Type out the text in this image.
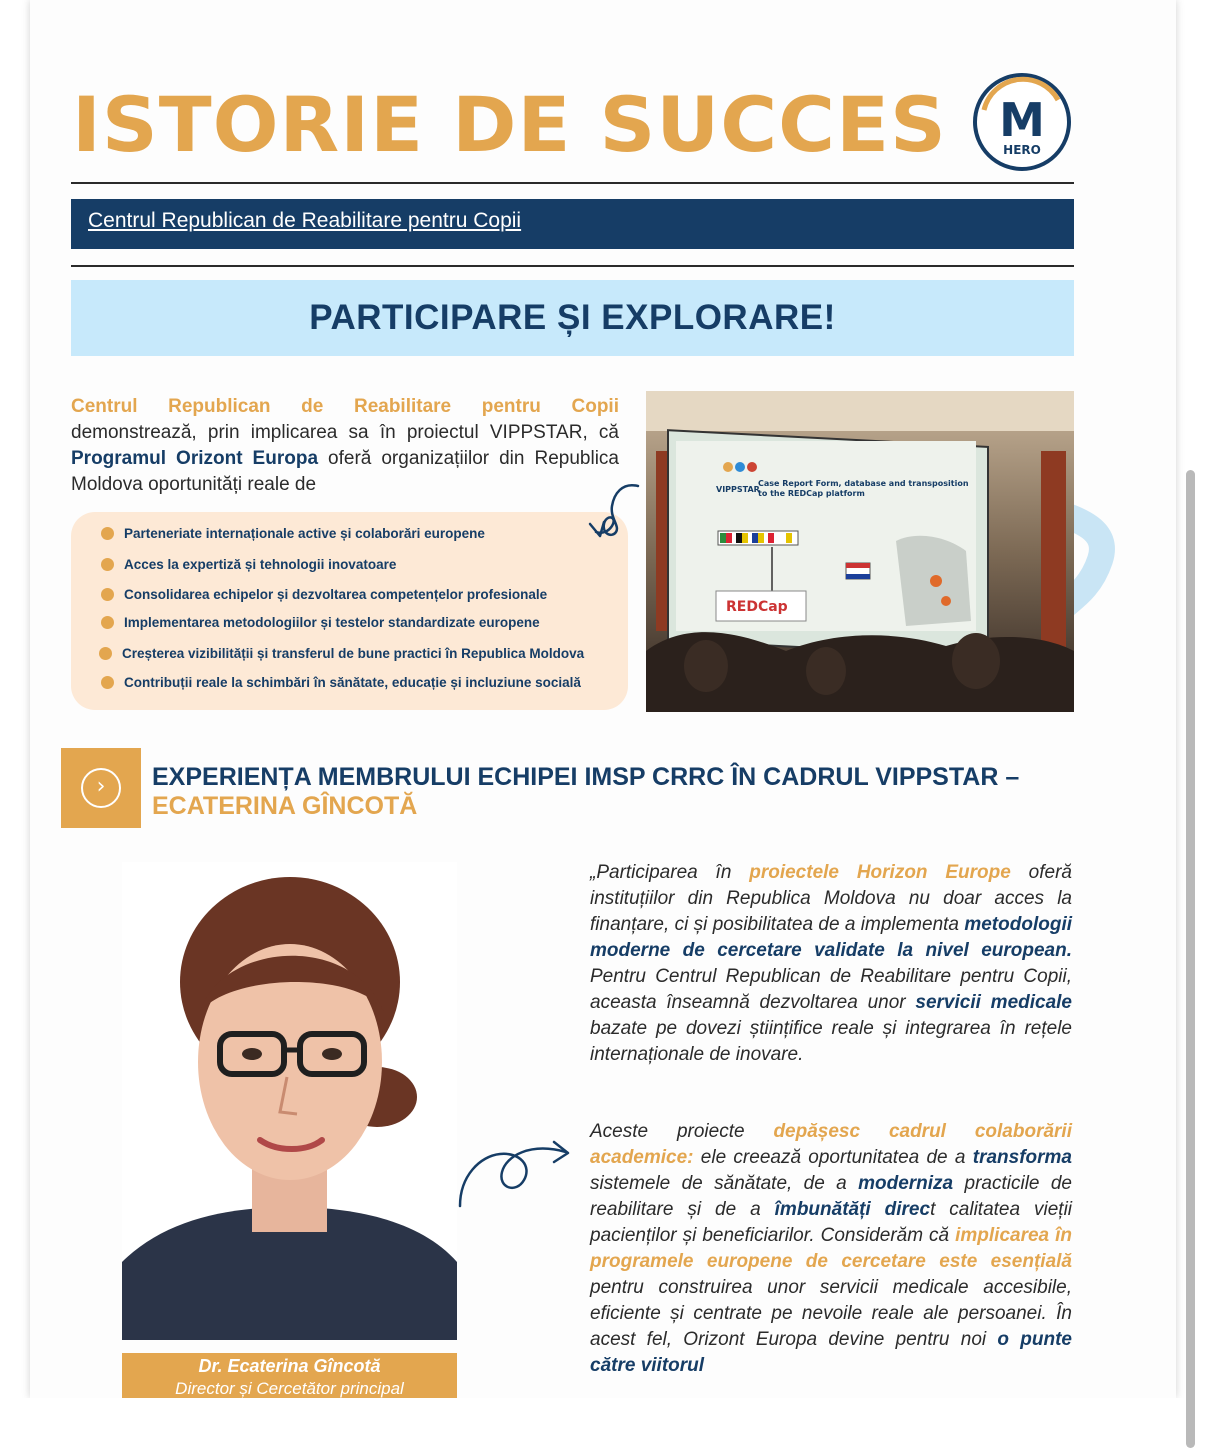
ISTORIE DE SUCCES M
HERO
Centrul Republican de Reabilitare pentru Copii
PARTICIPARE ȘI EXPLORARE!
Centrul Republican de Reabilitare pentru Copii demonstrează, prin implicarea sa în proiectul VIPPSTAR, că Programul Orizont Europa oferă organizațiilor din Republica Moldova oportunități reale de
Parteneriate internaționale active și colaborări europene
Acces la expertiză și tehnologii inovatoare
Consolidarea echipelor și dezvoltarea competențelor profesionale
Implementarea metodologiilor și testelor standardizate europene
Creșterea vizibilității și transferul de bune practici în Republica Moldova
Contribuții reale la schimbări în sănătate, educație și incluziune socială
VIPPSTAR
Case Report Form, database and transposition to the REDCap platform
REDCap
›	EXPERIENȚA MEMBRULUI ECHIPEI IMSP CRRC ÎN CADRUL VIPPSTAR –
ECATERINA GÎNCOTĂ
Dr. Ecaterina Gîncotă
Director și Cercetător principal
„Participarea în proiectele Horizon Europe oferă instituțiilor din Republica Moldova nu doar acces la finanțare, ci și posibilitatea de a implementa metodologii moderne de cercetare validate la nivel european. Pentru Centrul Republican de Reabilitare pentru Copii, aceasta înseamnă dezvoltarea unor servicii medicale bazate pe dovezi științifice reale și integrarea în rețele internaționale de inovare.
Aceste proiecte depășesc cadrul colaborării academice: ele creează oportunitatea de a transforma sistemele de sănătate, de a moderniza practicile de reabilitare și de a îmbunătăți direct calitatea vieții pacienților și beneficiarilor. Considerăm că implicarea în programele europene de cercetare este esențială pentru construirea unor servicii medicale accesibile, eficiente și centrate pe nevoile reale ale persoanei. În acest fel, Orizont Europa devine pentru noi o punte către viitorul
